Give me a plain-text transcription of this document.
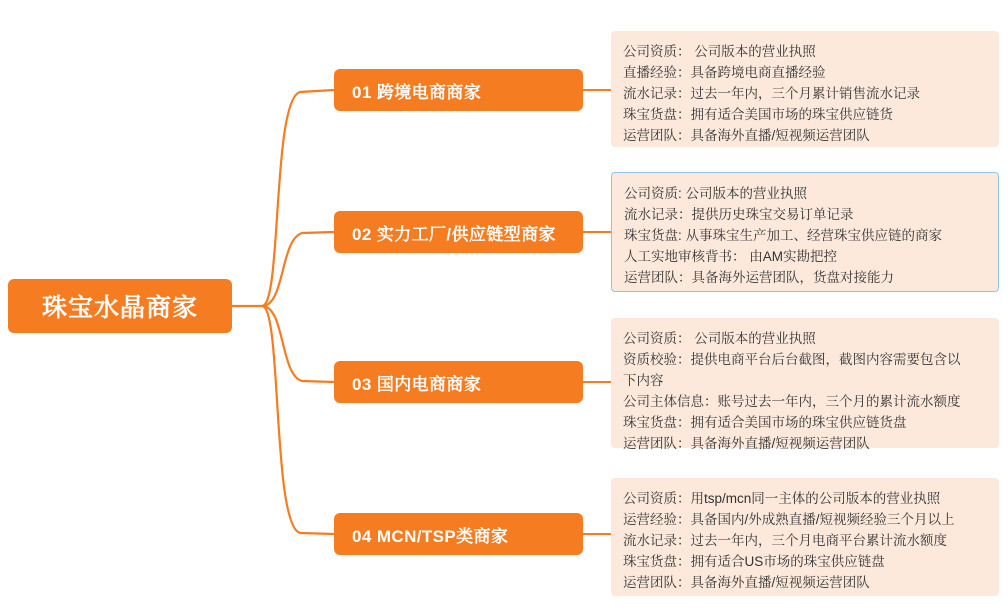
珠宝水晶商家
01 跨境电商商家
02 实力工厂/供应链型商家
03 国内电商商家
04 MCN/TSP类商家
公司资质： 公司版本的营业执照
直播经验：具备跨境电商直播经验
流水记录：过去一年内，三个月累计销售流水记录
珠宝货盘：拥有适合美国市场的珠宝供应链货
运营团队：具备海外直播/短视频运营团队
公司资质: 公司版本的营业执照
流水记录：提供历史珠宝交易订单记录
珠宝货盘: 从事珠宝生产加工、经营珠宝供应链的商家
人工实地审核背书： 由AM实勘把控
运营团队：具备海外运营团队，货盘对接能力
公司资质： 公司版本的营业执照
资质校验：提供电商平台后台截图，截图内容需要包含以
下内容
公司主体信息：账号过去一年内，三个月的累计流水额度
珠宝货盘：拥有适合美国市场的珠宝供应链货盘
运营团队：具备海外直播/短视频运营团队
公司资质：用tsp/mcn同一主体的公司版本的营业执照
运营经验：具备国内/外成熟直播/短视频经验三个月以上
流水记录：过去一年内，三个月电商平台累计流水额度
珠宝货盘：拥有适合US市场的珠宝供应链盘
运营团队：具备海外直播/短视频运营团队
